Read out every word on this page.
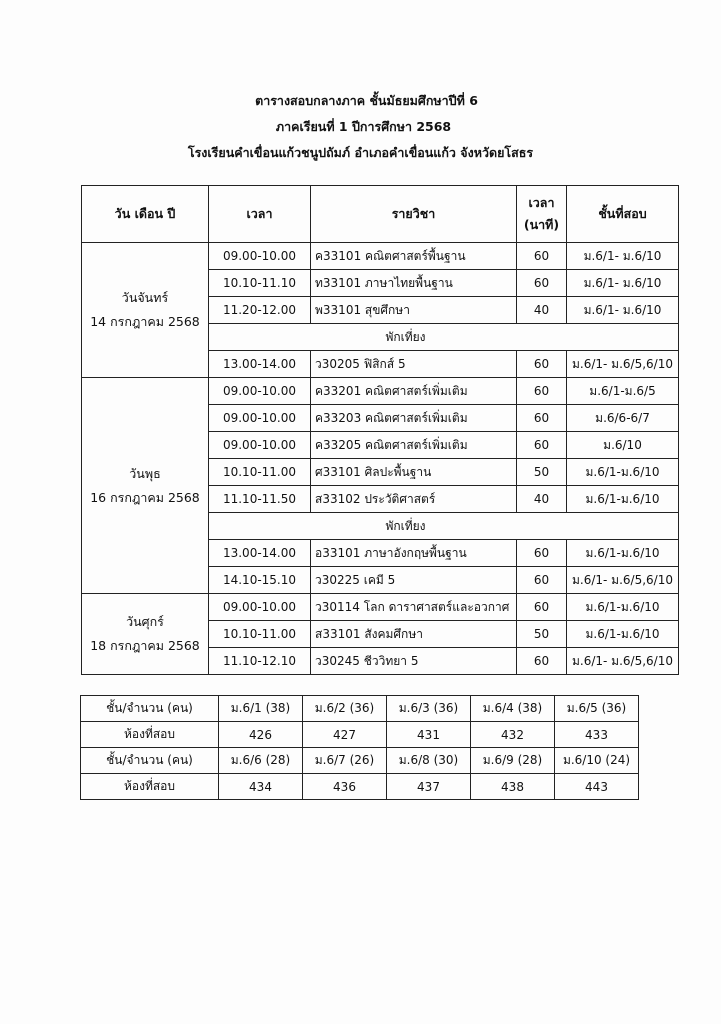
ตารางสอบกลางภาค ชั้นมัธยมศึกษาปีที่ 6
ภาคเรียนที่ 1 ปีการศึกษา 2568
โรงเรียนคำเขื่อนแก้วชนูปถัมภ์ อำเภอคำเขื่อนแก้ว จังหวัดยโสธร
วัน เดือน ปี	เวลา	รายวิชา	เวลา
(นาที)	ชั้นที่สอบ

วันจันทร์
14 กรกฎาคม 2568	09.00-10.00	ค33101 คณิตศาสตร์พื้นฐาน	60	ม.6/1- ม.6/10
	10.10-11.10	ท33101 ภาษาไทยพื้นฐาน	60	ม.6/1- ม.6/10
	11.20-12.00	พ33101 สุขศึกษา	40	ม.6/1- ม.6/10
	พักเที่ยง			
	13.00-14.00	ว30205 ฟิสิกส์ 5	60	ม.6/1- ม.6/5,6/10

วันพุธ
16 กรกฎาคม 2568	09.00-10.00	ค33201 คณิตศาสตร์เพิ่มเติม	60	ม.6/1-ม.6/5
	09.00-10.00	ค33203 คณิตศาสตร์เพิ่มเติม	60	ม.6/6-6/7
	09.00-10.00	ค33205 คณิตศาสตร์เพิ่มเติม	60	ม.6/10
	10.10-11.00	ศ33101 ศิลปะพื้นฐาน	50	ม.6/1-ม.6/10
	11.10-11.50	ส33102 ประวัติศาสตร์	40	ม.6/1-ม.6/10
	พักเที่ยง			
	13.00-14.00	อ33101 ภาษาอังกฤษพื้นฐาน	60	ม.6/1-ม.6/10
	14.10-15.10	ว30225 เคมี 5	60	ม.6/1- ม.6/5,6/10

วันศุกร์
18 กรกฎาคม 2568	09.00-10.00	ว30114 โลก ดาราศาสตร์และอวกาศ	60	ม.6/1-ม.6/10
	10.10-11.00	ส33101 สังคมศึกษา	50	ม.6/1-ม.6/10
	11.10-12.10	ว30245 ชีววิทยา 5	60	ม.6/1- ม.6/5,6/10
ชั้น/จำนวน (คน)	ม.6/1 (38)	ม.6/2 (36)	ม.6/3 (36)	ม.6/4 (38)	ม.6/5 (36)
ห้องที่สอบ	426	427	431	432	433
ชั้น/จำนวน (คน)	ม.6/6 (28)	ม.6/7 (26)	ม.6/8 (30)	ม.6/9 (28)	ม.6/10 (24)
ห้องที่สอบ	434	436	437	438	443
